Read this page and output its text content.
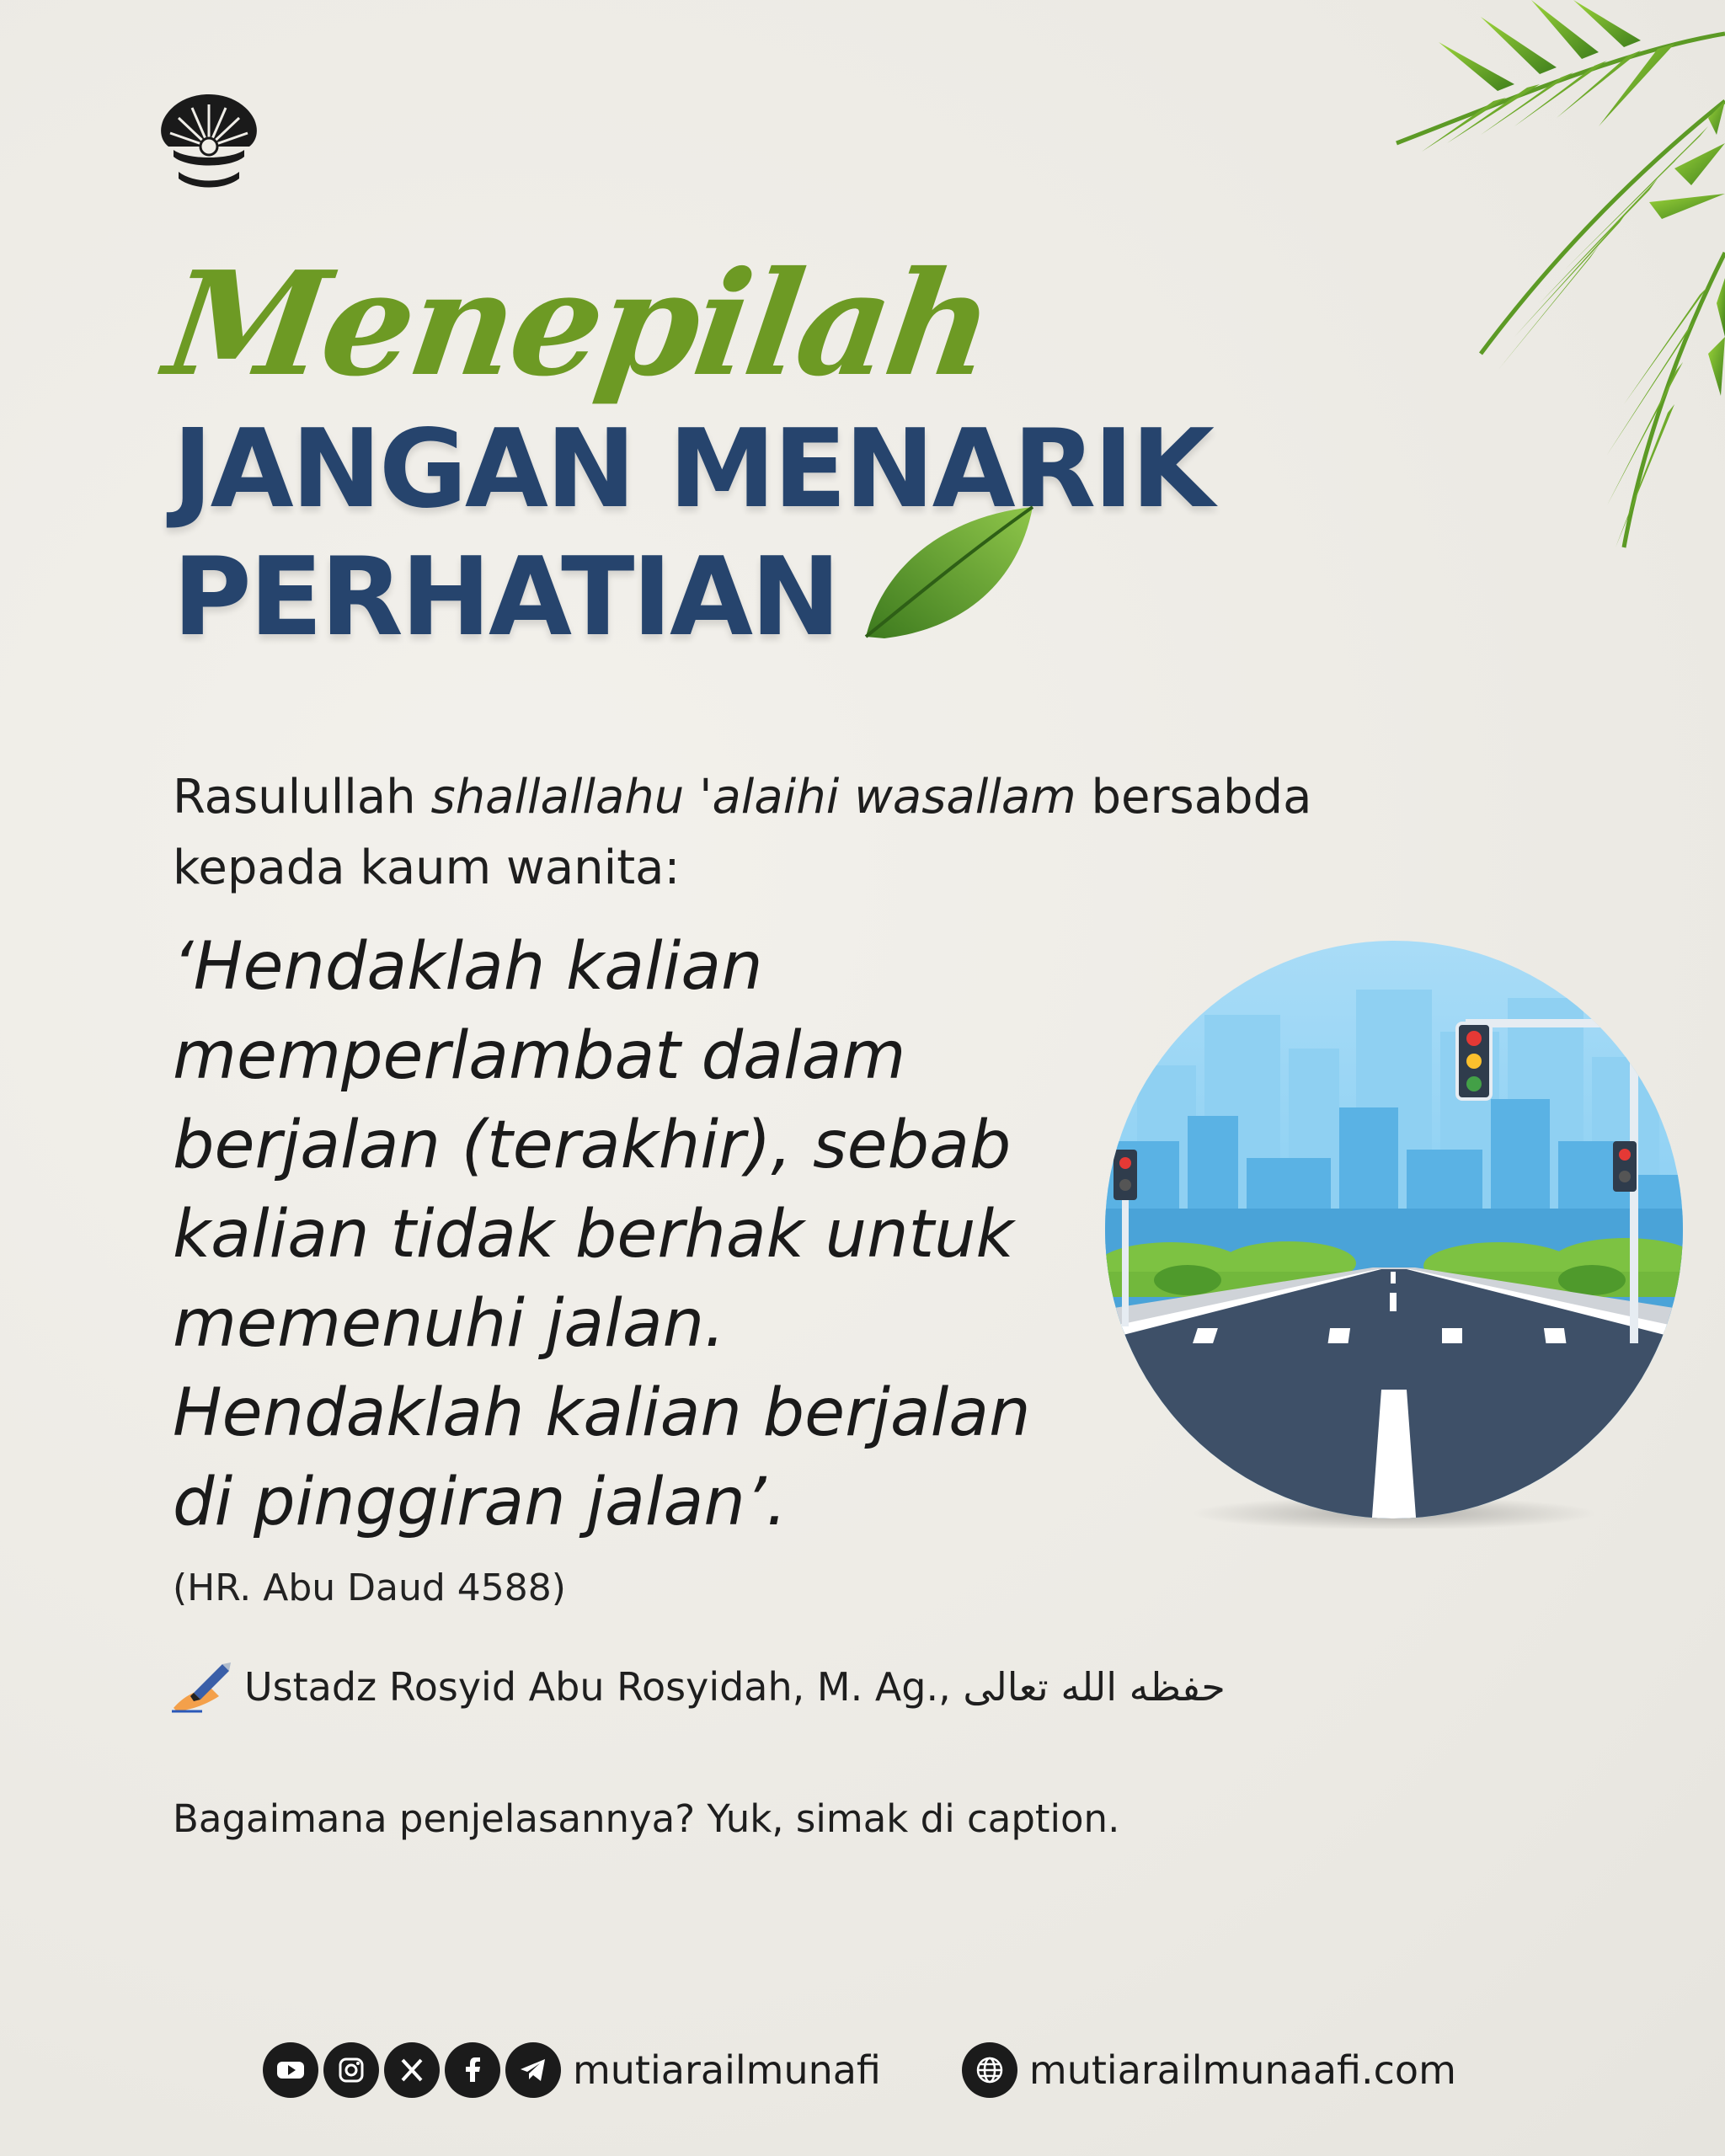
Menepilah
JANGAN MENARIK
PERHATIAN

Rasulullah shallallahu 'alaihi wasallam bersabda kepada kaum wanita:

‘Hendaklah kalian
memperlambat dalam
berjalan (terakhir), sebab
kalian tidak berhak untuk
memenuhi jalan.
Hendaklah kalian berjalan
di pinggiran jalan’.

(HR. Abu Daud 4588)

Ustadz Rosyid Abu Rosyidah, M. Ag., حفظه الله تعالى

Bagaimana penjelasannya? Yuk, simak di caption.

mutiarailmunafi	mutiarailmunaafi.com
